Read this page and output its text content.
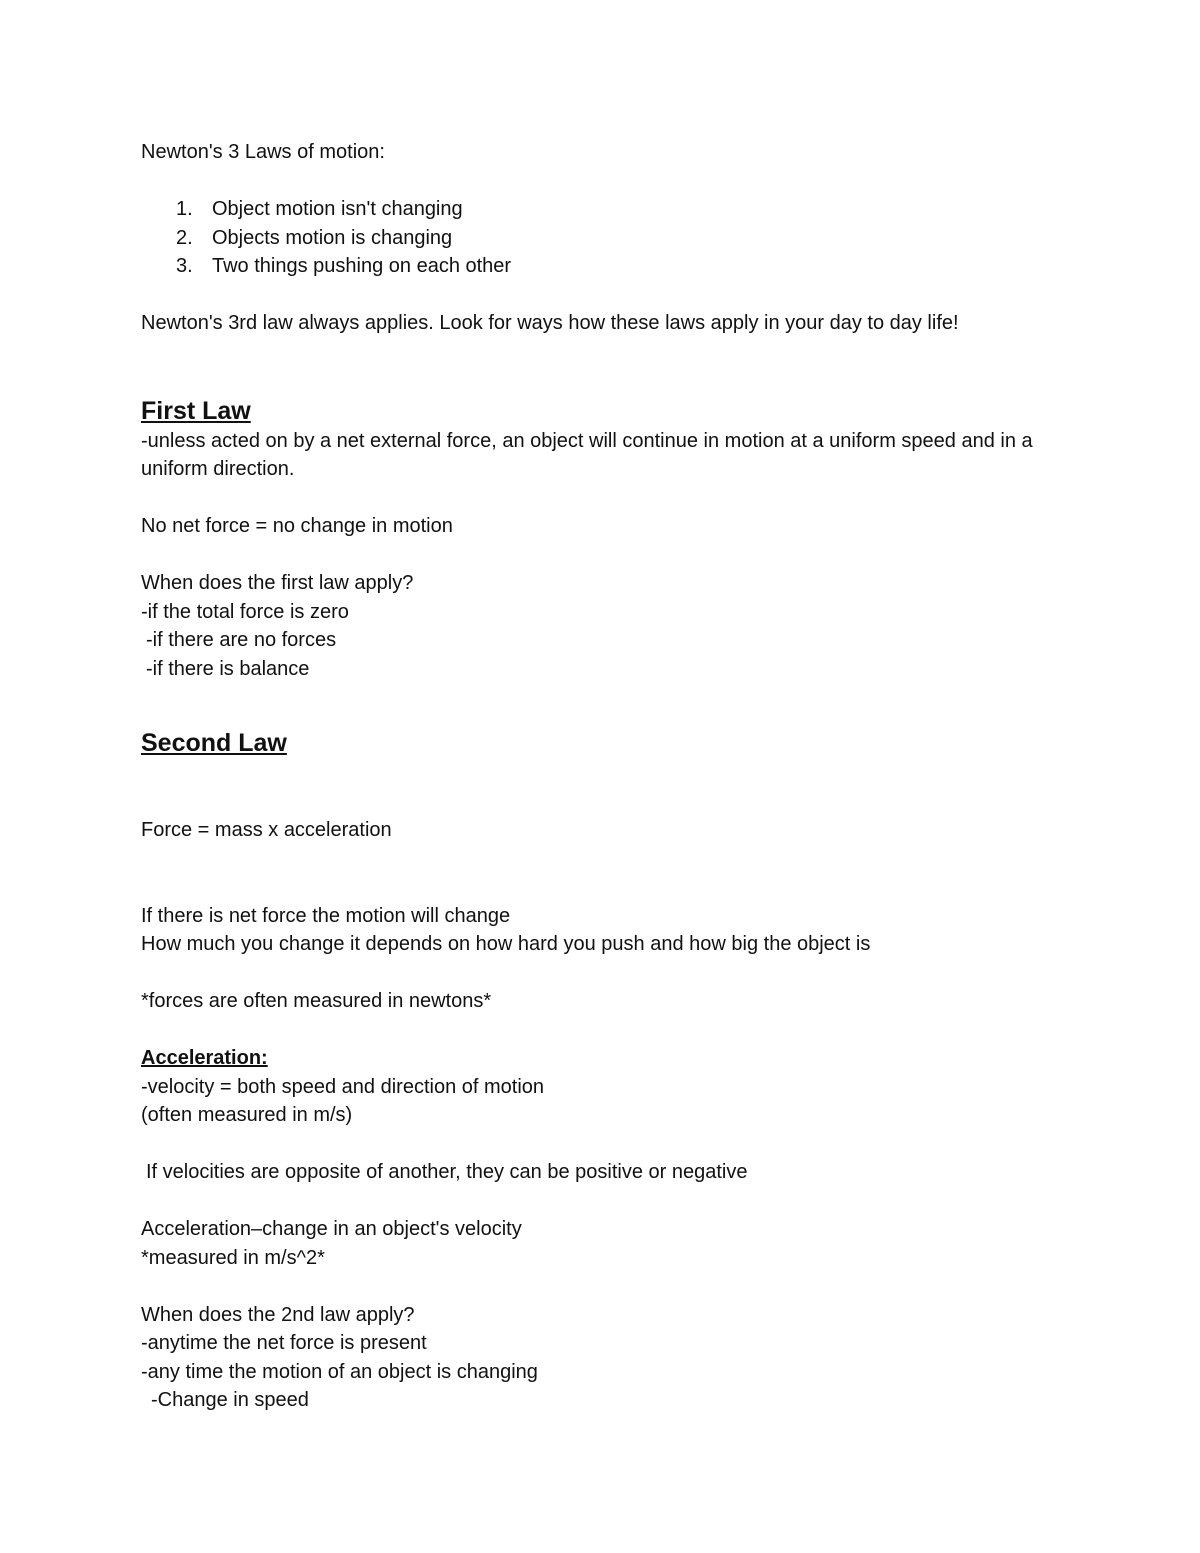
Newton's 3 Laws of motion:

1. Object motion isn't changing
2. Objects motion is changing
3. Two things pushing on each other

Newton's 3rd law always applies. Look for ways how these laws apply in your day to day life!

First Law

-unless acted on by a net external force, an object will continue in motion at a uniform speed and in a uniform direction.

No net force = no change in motion

When does the first law apply?

-if the total force is zero

-if there are no forces

-if there is balance

Second Law

Force = mass x acceleration

If there is net force the motion will change

How much you change it depends on how hard you push and how big the object is

*forces are often measured in newtons*

Acceleration:

-velocity = both speed and direction of motion

(often measured in m/s)

If velocities are opposite of another, they can be positive or negative

Acceleration–change in an object's velocity

*measured in m/s^2*

When does the 2nd law apply?

-anytime the net force is present

-any time the motion of an object is changing

-Change in speed
